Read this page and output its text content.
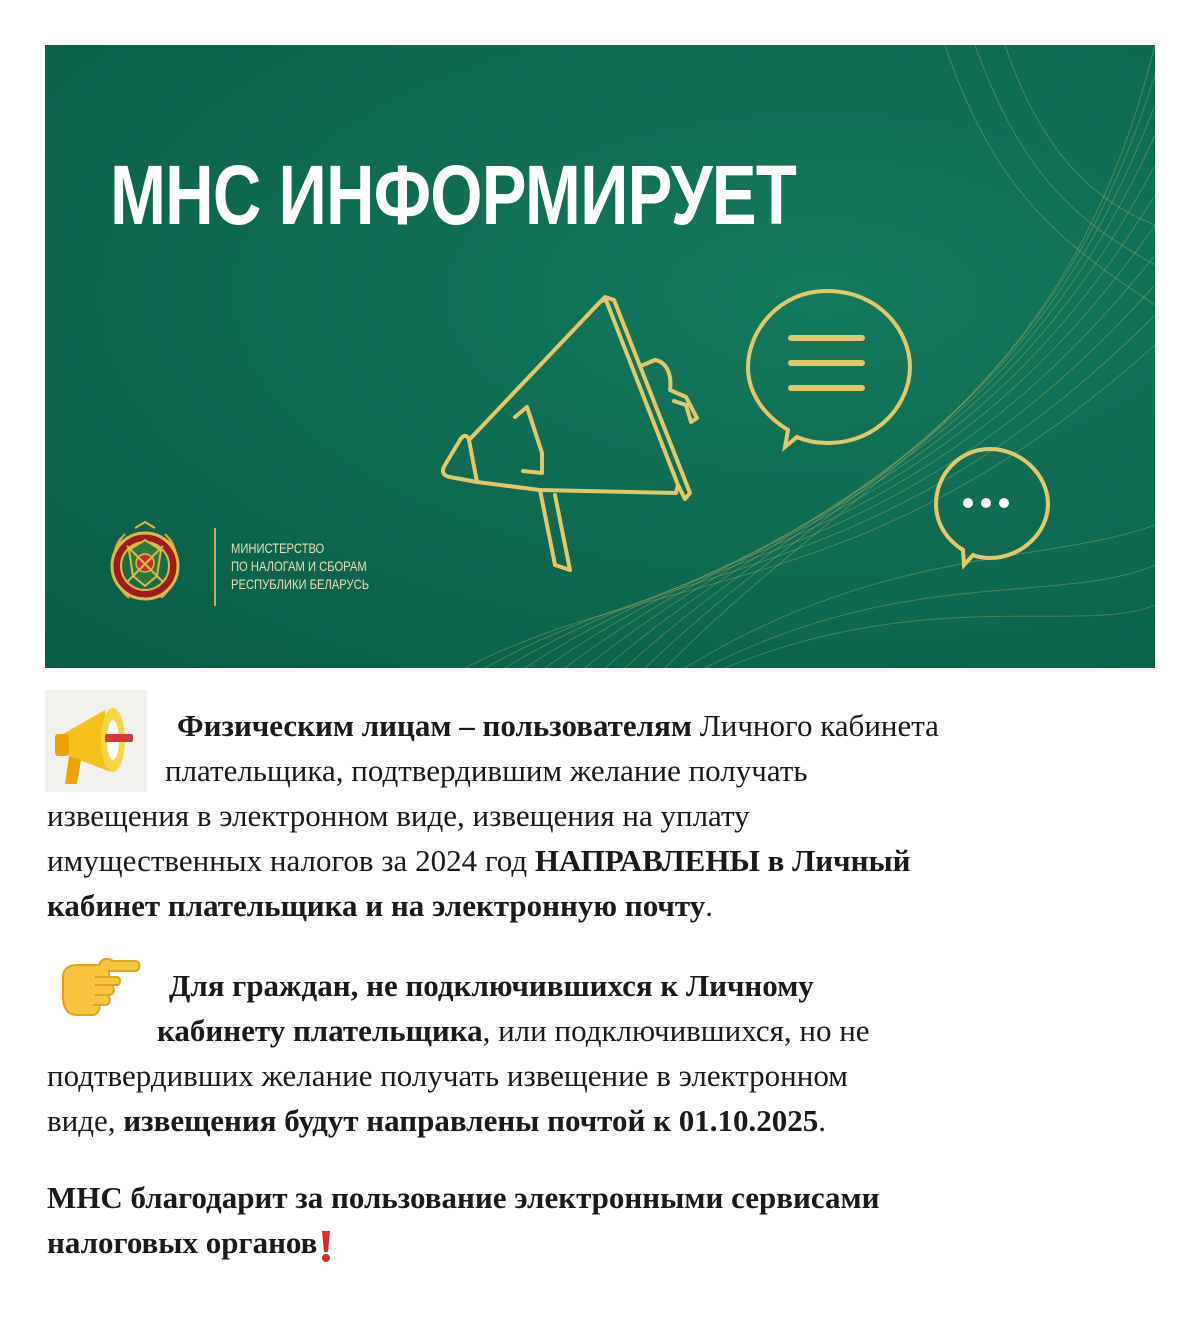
МНС ИНФОРМИРУЕТ
МИНИСТЕРСТВО
ПО НАЛОГАМ И СБОРАМ
РЕСПУБЛИКИ БЕЛАРУСЬ
Физическим лицам – пользователям Личного кабинета
плательщика, подтвердившим желание получать
извещения в электронном виде, извещения на уплату
имущественных налогов за 2024 год НАПРАВЛЕНЫ в Личный
кабинет плательщика и на электронную почту.
Для граждан, не подключившихся к Личному
кабинету плательщика, или подключившихся, но не
подтвердивших желание получать извещение в электронном
виде, извещения будут направлены почтой к 01.10.2025.
МНС благодарит за пользование электронными сервисами
налоговых органов
